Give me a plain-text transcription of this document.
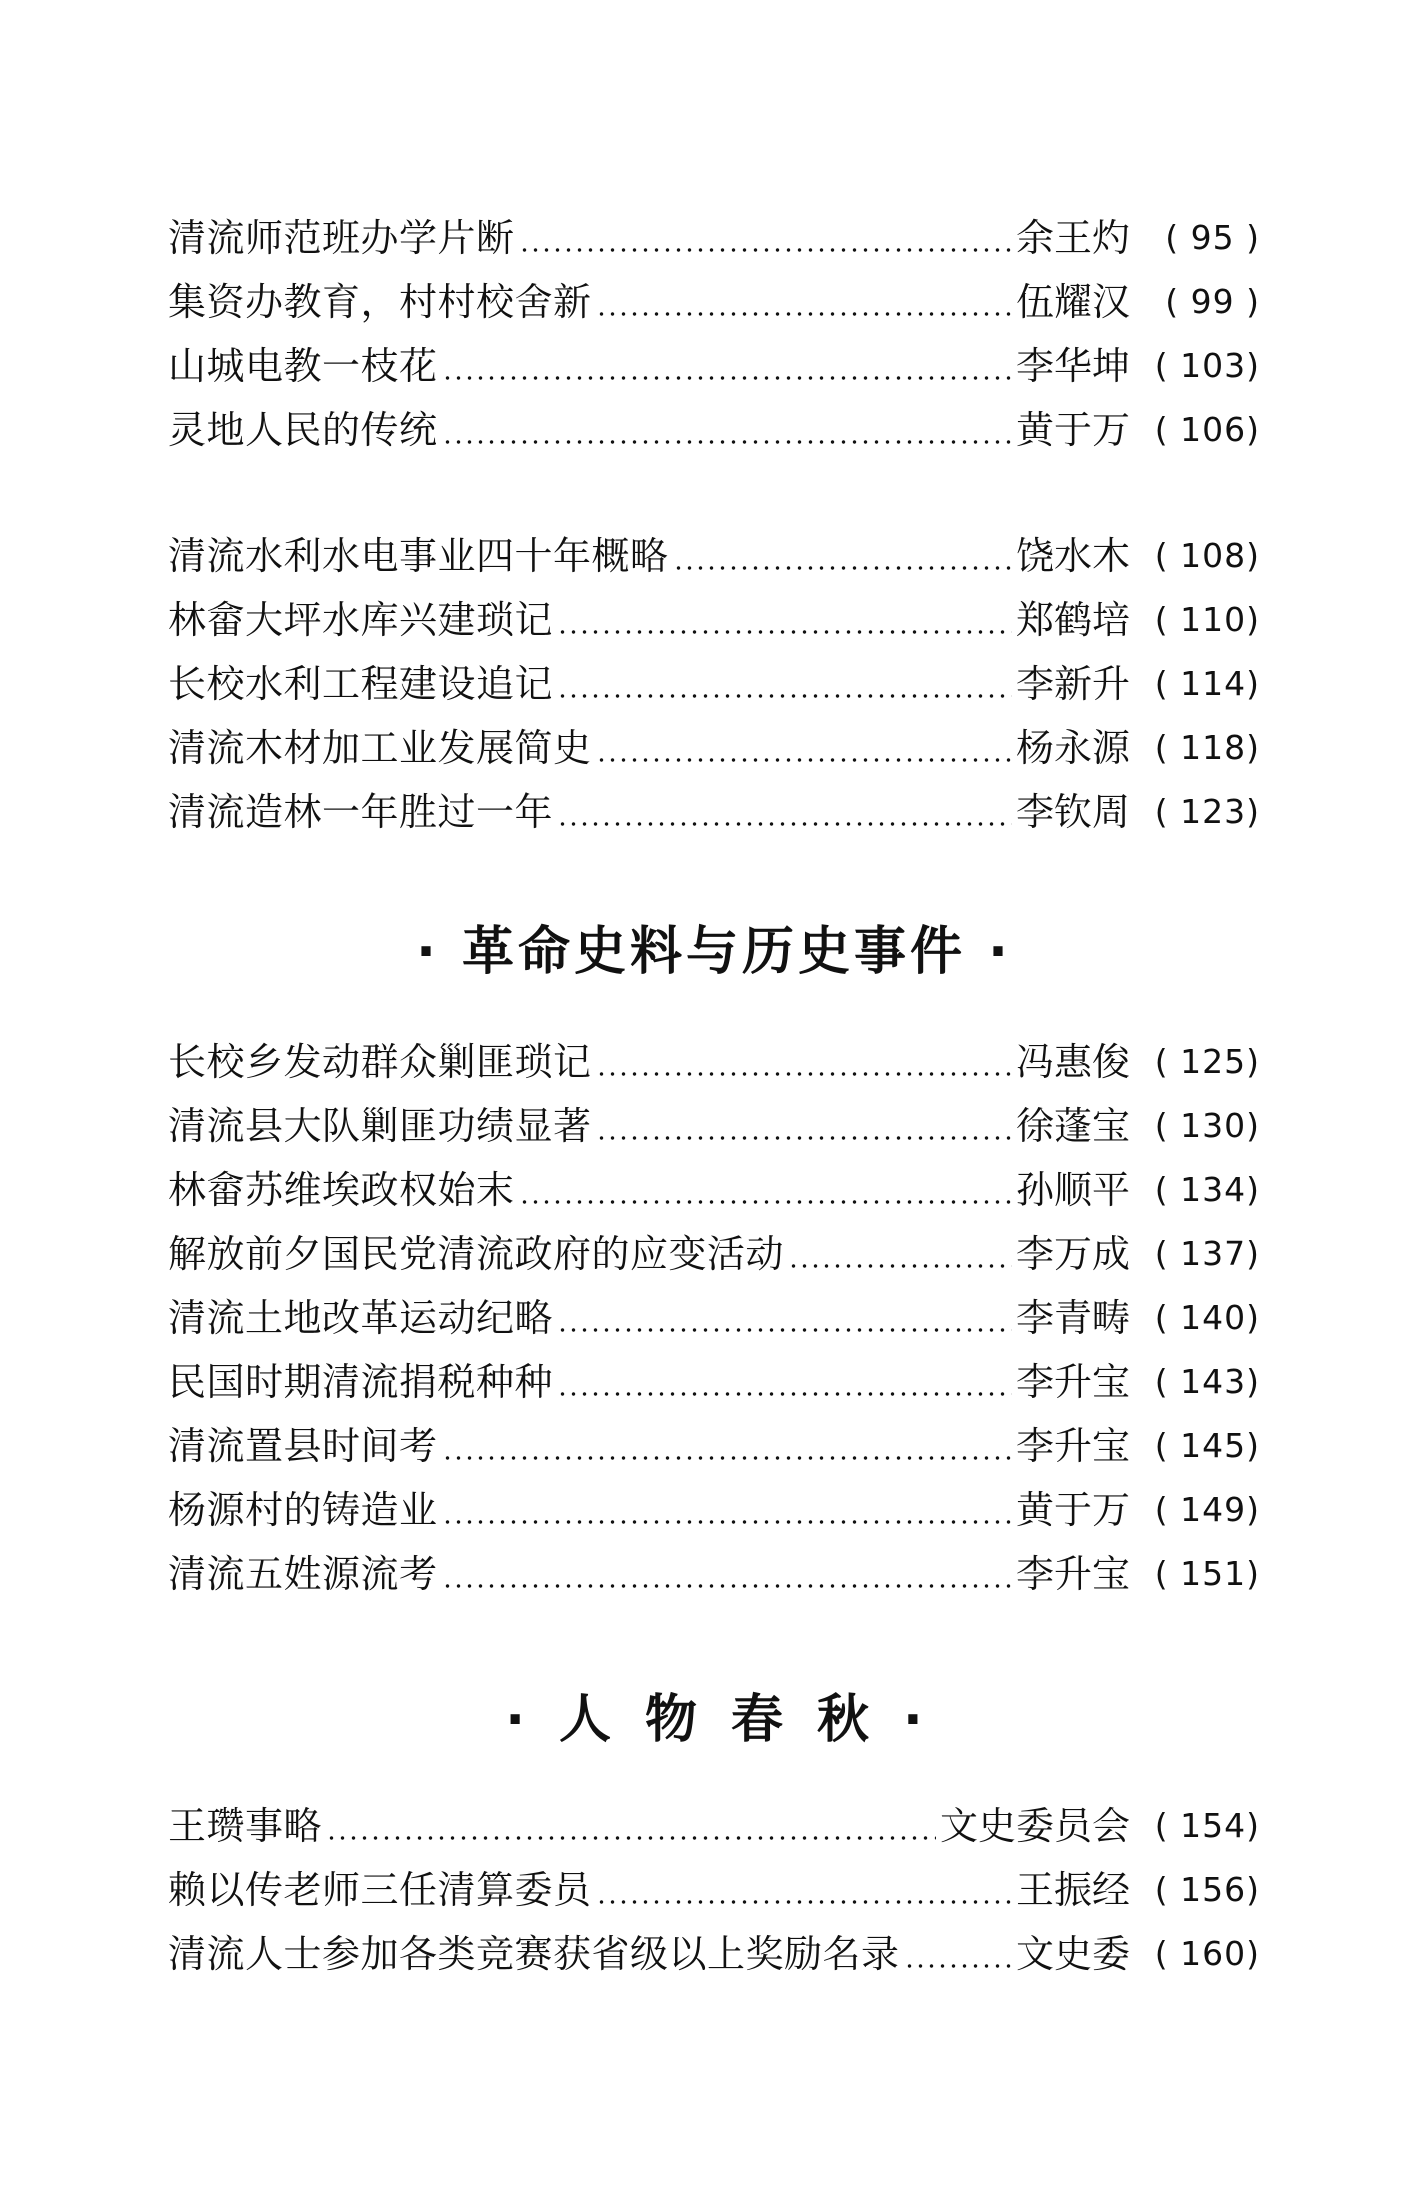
清流师范班办学片断	余王灼	( 95 )
集资办教育，村村校舍新	伍耀汉	( 99 )
山城电教一枝花	李华坤 ( 103)
灵地人民的传统	黄于万 ( 106)
清流水利水电事业四十年概略	饶水木 ( 108)
林畲大坪水库兴建琐记	郑鹤培 ( 110)
长校水利工程建设追记	李新升 ( 114)
清流木材加工业发展简史	杨永源 ( 118)
清流造林一年胜过一年	李钦周 ( 123)
· 革命史料与历史事件 ·
长校乡发动群众剿匪琐记	冯惠俊 ( 125)
清流县大队剿匪功绩显著	徐蓬宝 ( 130)
林畲苏维埃政权始末	孙顺平 ( 134)
解放前夕国民党清流政府的应变活动	李万成 ( 137)
清流土地改革运动纪略	李青畴 ( 140)
民国时期清流捐税种种	李升宝 ( 143)
清流置县时间考	李升宝 ( 145)
杨源村的铸造业	黄于万 ( 149)
清流五姓源流考	李升宝 ( 151)
·人物春秋·
王瓒事略	文史委员会 ( 154)
赖以传老师三任清算委员	王振经 ( 156)
清流人士参加各类竞赛获省级以上奖励名录	文史委 ( 160)
